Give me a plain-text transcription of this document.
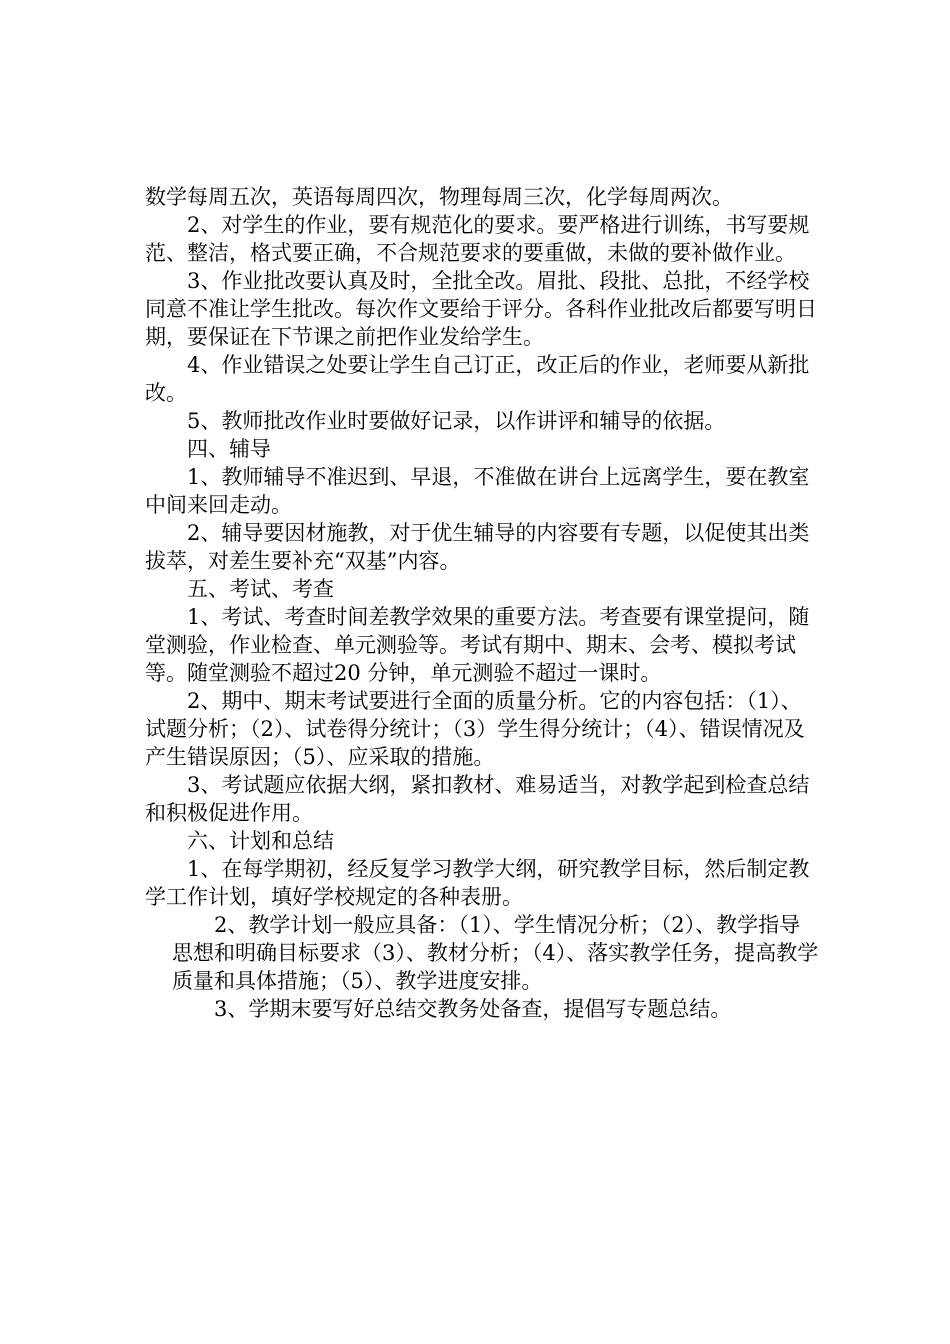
数学每周五次，英语每周四次，物理每周三次，化学每周两次。

2、对学生的作业，要有规范化的要求。要严格进行训练，书写要规范、整洁，格式要正确，不合规范要求的要重做，未做的要补做作业。

3、作业批改要认真及时，全批全改。眉批、段批、总批，不经学校同意不准让学生批改。每次作文要给于评分。各科作业批改后都要写明日期，要保证在下节课之前把作业发给学生。

4、作业错误之处要让学生自己订正，改正后的作业，老师要从新批改。

5、教师批改作业时要做好记录，以作讲评和辅导的依据。

四、辅导

1、教师辅导不准迟到、早退，不准做在讲台上远离学生，要在教室中间来回走动。

2、辅导要因材施教，对于优生辅导的内容要有专题，以促使其出类拔萃，对差生要补充“双基”内容。

五、考试、考查

1、考试、考查时间差教学效果的重要方法。考查要有课堂提问，随堂测验，作业检查、单元测验等。考试有期中、期末、会考、模拟考试等。随堂测验不超过20 分钟，单元测验不超过一课时。

2、期中、期末考试要进行全面的质量分析。它的内容包括：（1）、试题分析；（2）、试卷得分统计；（3）学生得分统计；（4）、错误情况及产生错误原因；（5）、应采取的措施。

3、考试题应依据大纲，紧扣教材、难易适当，对教学起到检查总结和积极促进作用。

六、计划和总结

1、在每学期初，经反复学习教学大纲，研究教学目标，然后制定教学工作计划，填好学校规定的各种表册。

2、教学计划一般应具备：（1）、学生情况分析；（2）、教学指导思想和明确目标要求（3）、教材分析；（4）、落实教学任务，提高教学质量和具体措施；（5）、教学进度安排。

3、学期末要写好总结交教务处备查，提倡写专题总结。
